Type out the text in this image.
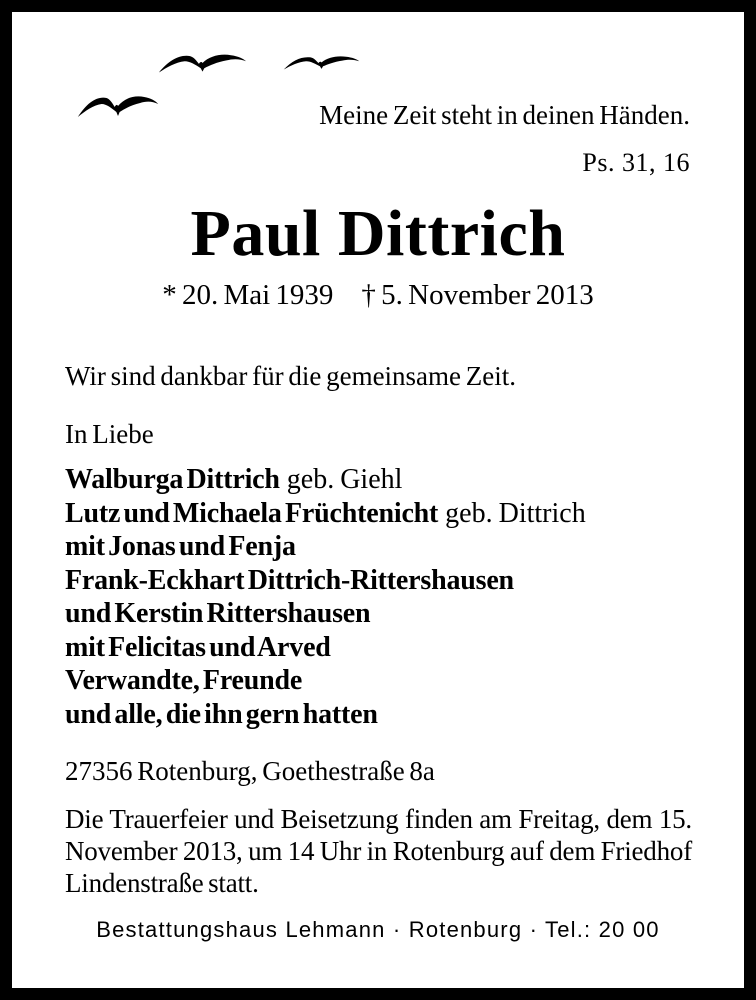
Meine Zeit steht in deinen Händen.
Ps. 31, 16
Paul Dittrich
* 20. Mai 1939 † 5. November 2013
Wir sind dankbar für die gemeinsame Zeit.
In Liebe
Walburga Dittrich geb. Giehl
Lutz und Michaela Früchtenicht geb. Dittrich
mit Jonas und Fenja
Frank-Eckhart Dittrich-Rittershausen
und Kerstin Rittershausen
mit Felicitas und Arved
Verwandte, Freunde
und alle, die ihn gern hatten
27356 Rotenburg, Goethestraße 8a
Die Trauerfeier und Beisetzung finden am Freitag, dem 15. November 2013, um 14 Uhr in Rotenburg auf dem Friedhof Lindenstraße statt.
Bestattungshaus Lehmann · Rotenburg · Tel.: 20 00
